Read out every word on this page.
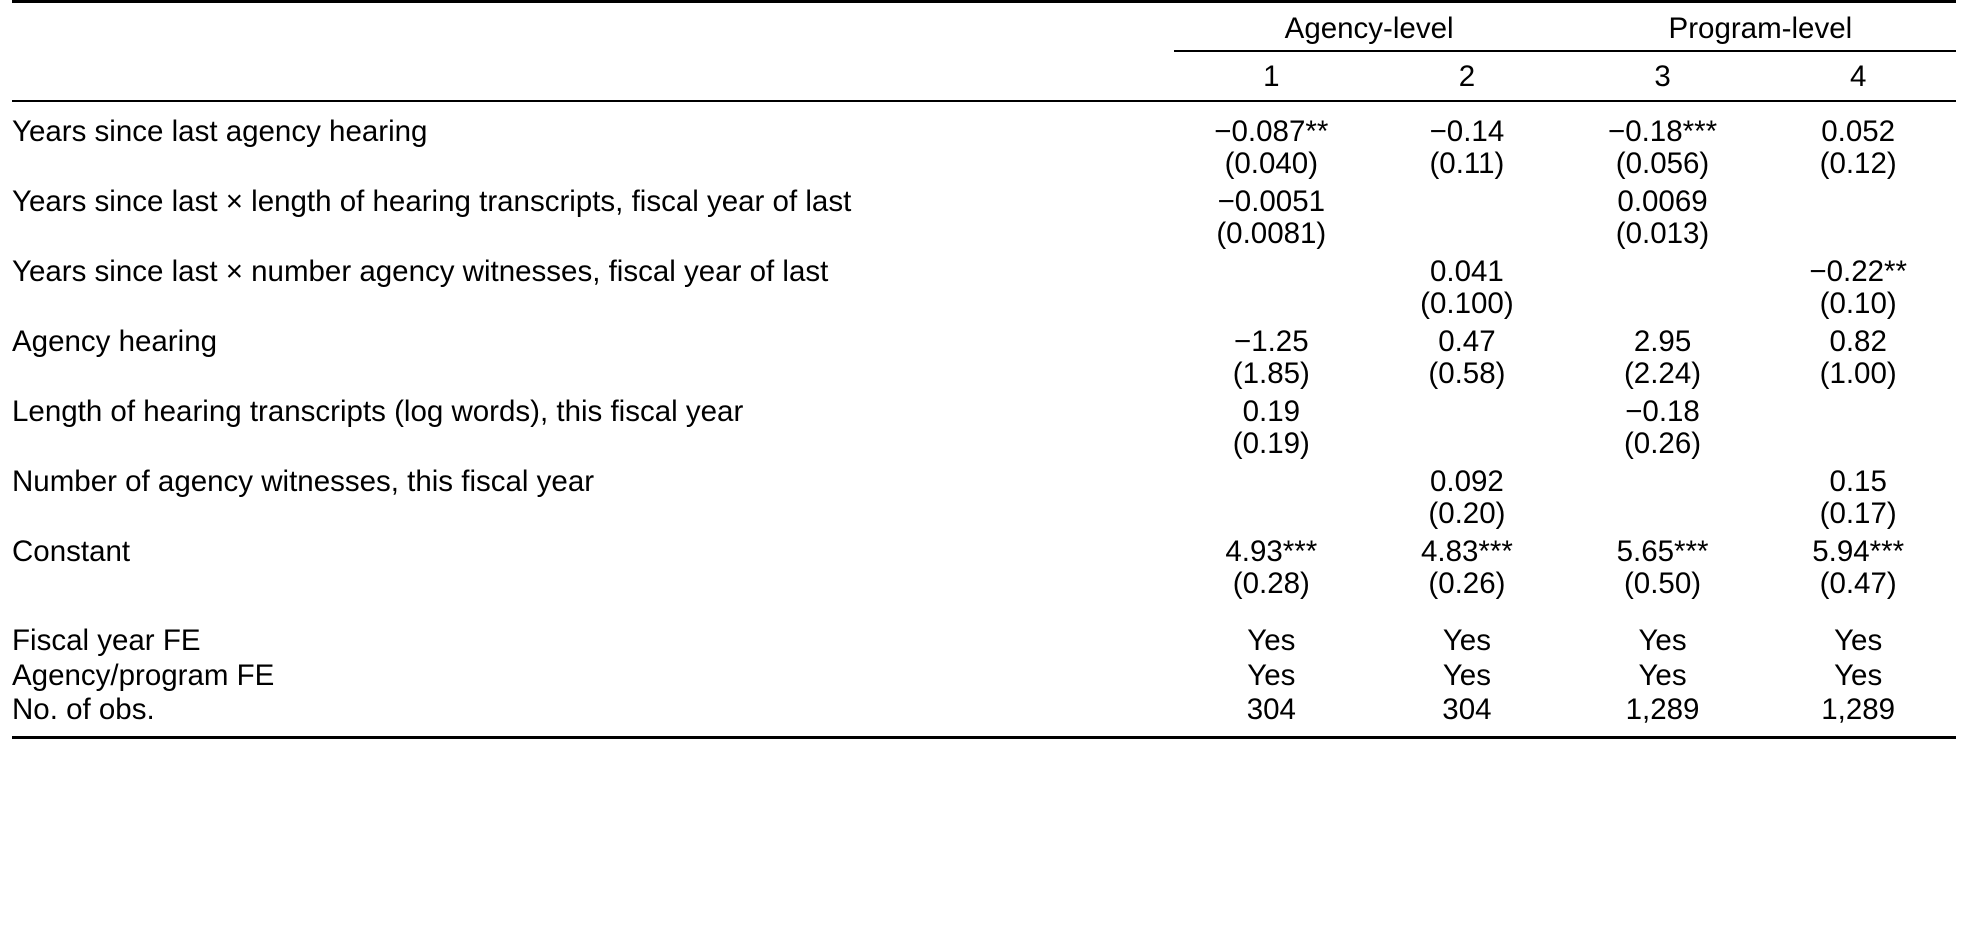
	Agency-level		Program-level	

	1	2	3	4

Years since last agency hearing	−0.087**	−0.14	−0.18***	0.052
	(0.040)	(0.11)	(0.056)	(0.12)
Years since last × length of hearing transcripts, fiscal year of last	−0.0051		0.0069	
	(0.0081)		(0.013)	
Years since last × number agency witnesses, fiscal year of last		0.041		−0.22**
		(0.100)		(0.10)
Agency hearing	−1.25	0.47	2.95	0.82
	(1.85)	(0.58)	(2.24)	(1.00)
Length of hearing transcripts (log words), this fiscal year	0.19		−0.18	
	(0.19)		(0.26)	
Number of agency witnesses, this fiscal year		0.092		0.15
		(0.20)		(0.17)
Constant	4.93***	4.83***	5.65***	5.94***
	(0.28)	(0.26)	(0.50)	(0.47)

Fiscal year FE	Yes	Yes	Yes	Yes
Agency/program FE	Yes	Yes	Yes	Yes
No. of obs.	304	304	1,289	1,289
